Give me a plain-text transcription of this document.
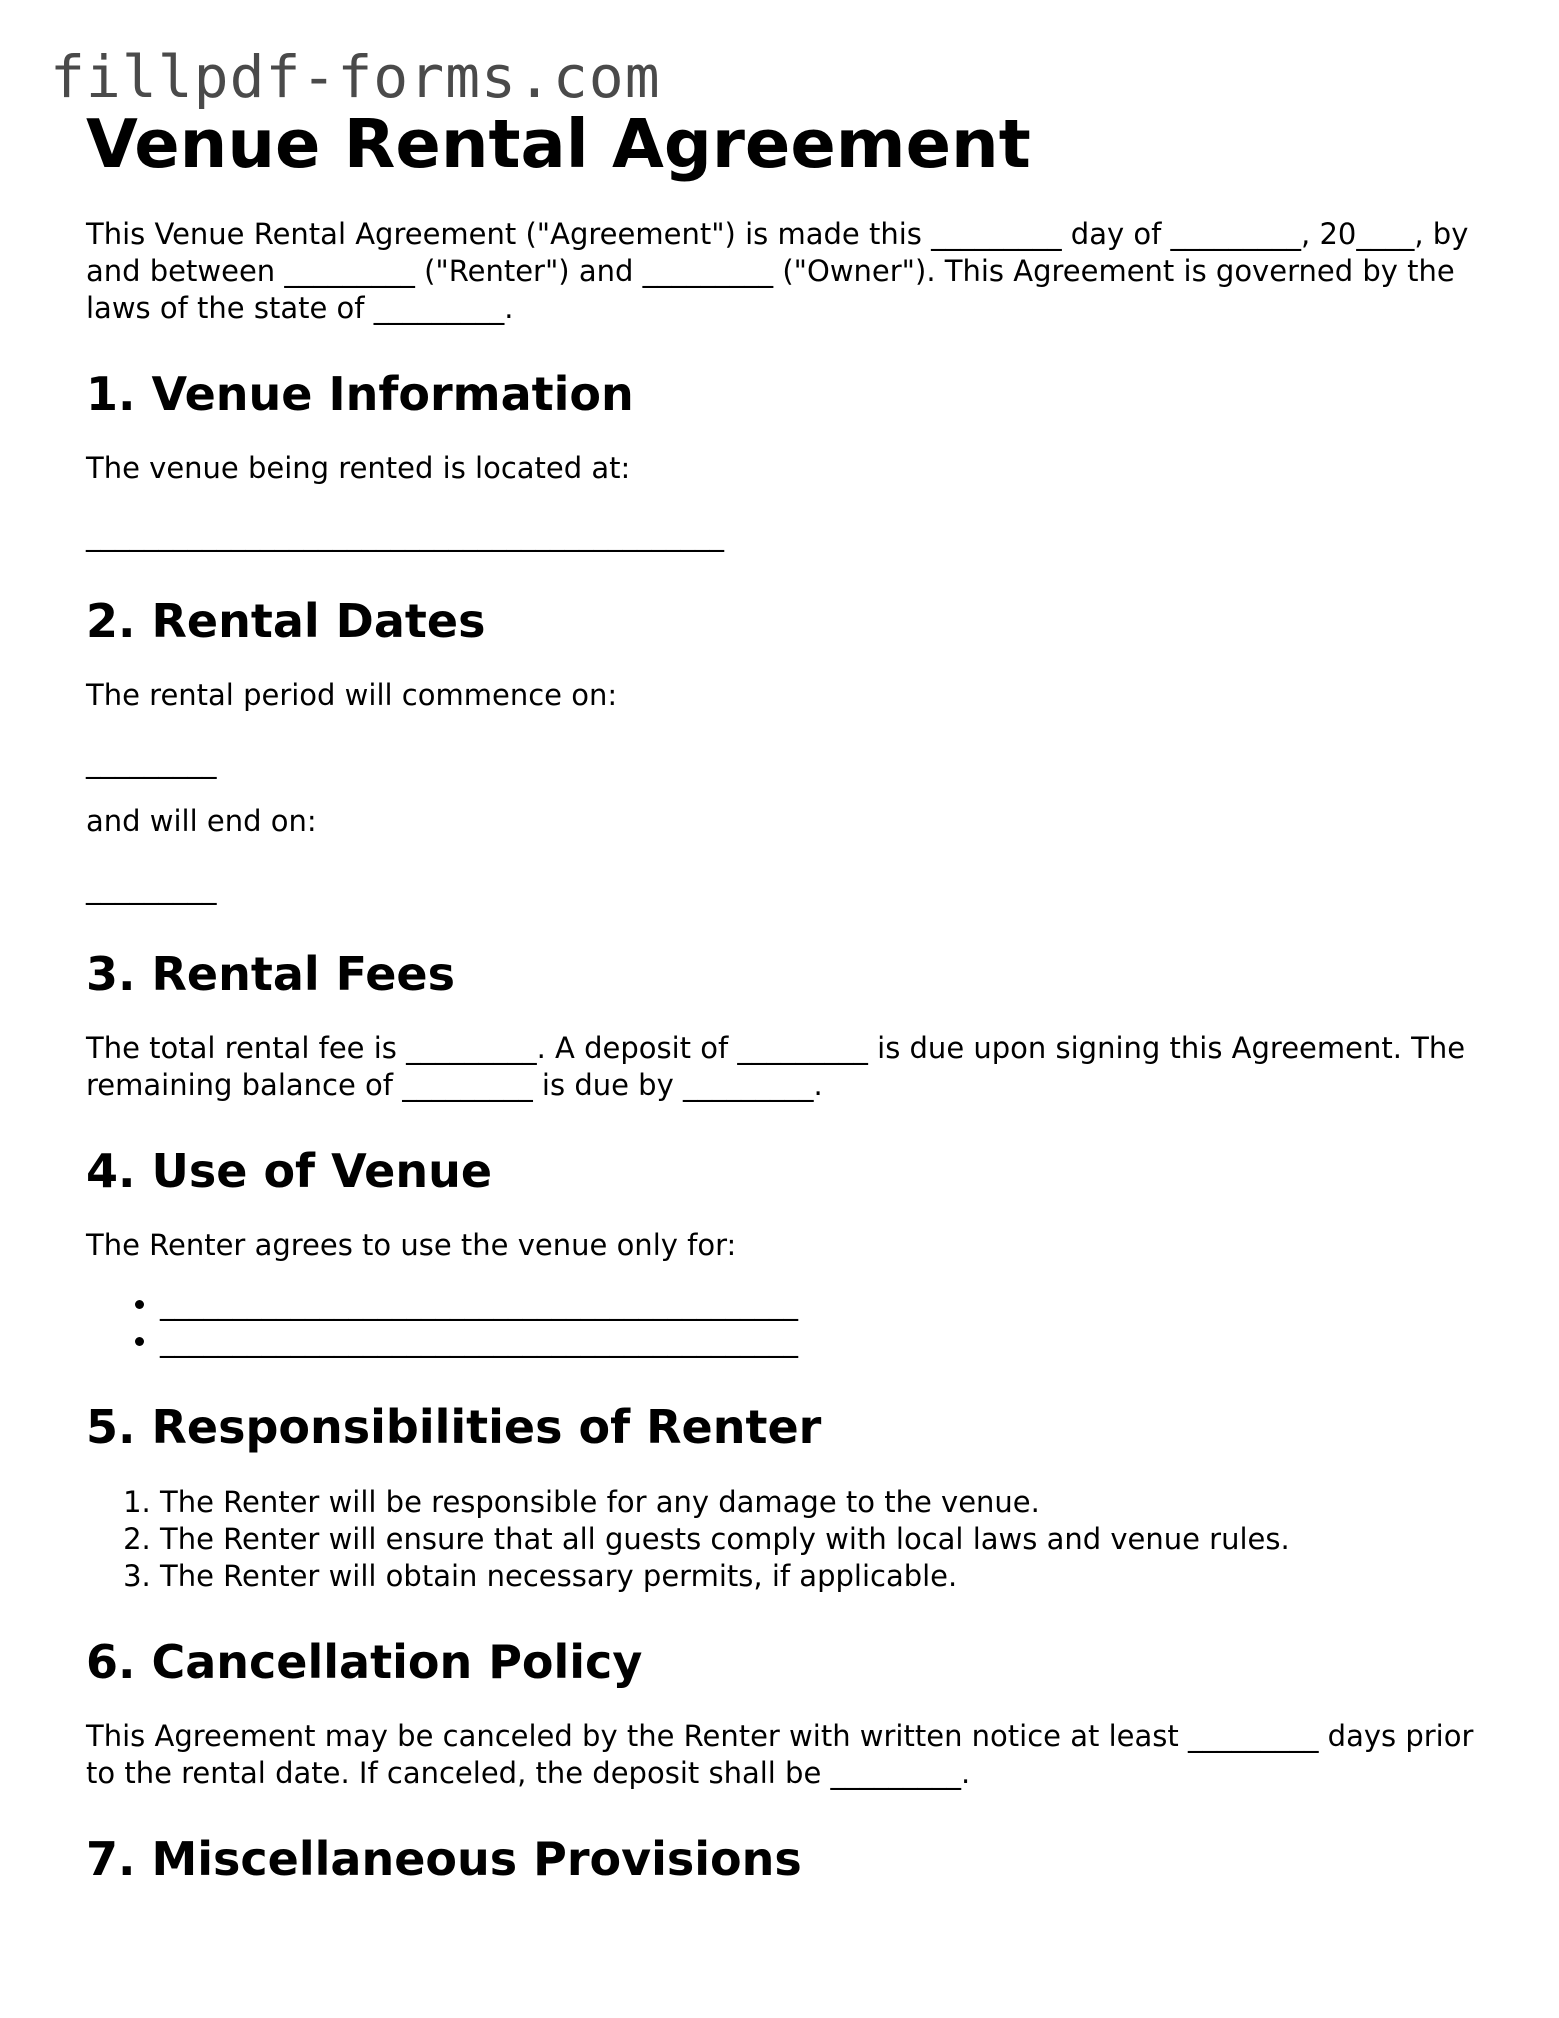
fillpdf-forms.com
Venue Rental Agreement

This Venue Rental Agreement ("Agreement") is made this _________ day of _________, 20____, by and between _________ ("Renter") and _________ ("Owner"). This Agreement is governed by the laws of the state of _________.

1. Venue Information

The venue being rented is located at:

____________________________________________
2. Rental Dates

The rental period will commence on:

_________

and will end on:

_________
3. Rental Fees

The total rental fee is _________. A deposit of _________ is due upon signing this Agreement. The remaining balance of _________ is due by _________.

4. Use of Venue

The Renter agrees to use the venue only for:

• ____________________________________________
• ____________________________________________
5. Responsibilities of Renter
1. The Renter will be responsible for any damage to the venue.
2. The Renter will ensure that all guests comply with local laws and venue rules.
3. The Renter will obtain necessary permits, if applicable.
6. Cancellation Policy

This Agreement may be canceled by the Renter with written notice at least _________ days prior to the rental date. If canceled, the deposit shall be _________.

7. Miscellaneous Provisions
